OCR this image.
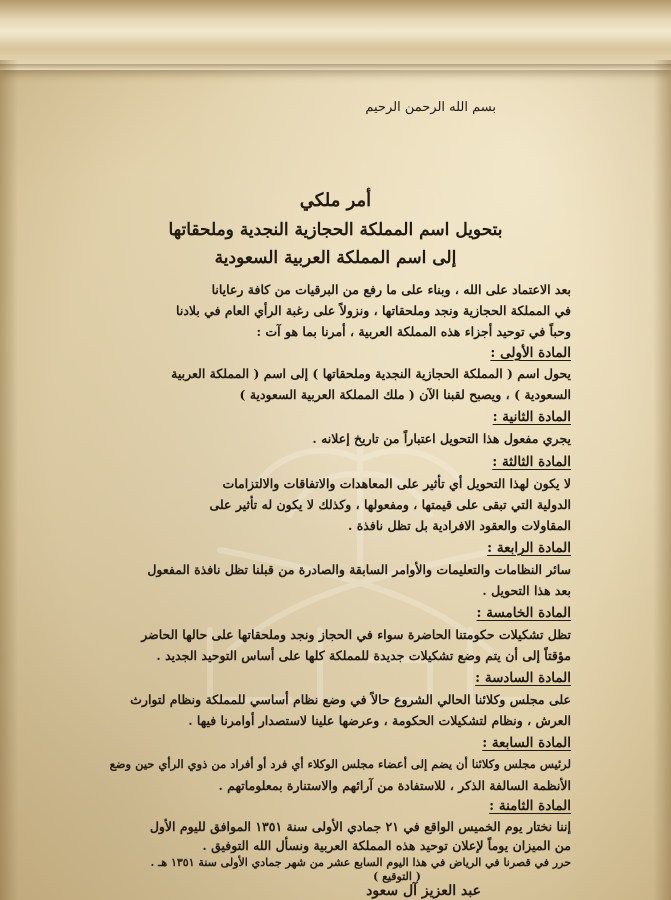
بسم الله الرحمن الرحيم
أمر ملكي
بتحويل اسم المملكة الحجازية النجدية وملحقاتها
إلى اسم المملكة العربية السعودية
بعد الاعتماد على الله ، وبناء على ما رفع من البرقيات من كافة رعايانا
في المملكة الحجازية ونجد وملحقاتها ، ونزولاً على رغبة الرأي العام في بلادنا
وحباً في توحيد أجزاء هذه المملكة العربية ، أمرنا بما هو آت :
المادة الأولى :
يحول اسم ( المملكة الحجازية النجدية وملحقاتها ) إلى اسم ( المملكة العربية
السعودية ) ، ويصبح لقبنا الآن ( ملك المملكة العربية السعودية )
المادة الثانية :
يجري مفعول هذا التحويل اعتباراً من تاريخ إعلانه .
المادة الثالثة :
لا يكون لهذا التحويل أي تأثير على المعاهدات والاتفاقات والالتزامات
الدولية التي تبقى على قيمتها ، ومفعولها ، وكذلك لا يكون له تأثير على
المقاولات والعقود الافرادية بل تظل نافذة .
المادة الرابعة :
سائر النظامات والتعليمات والأوامر السابقة والصادرة من قبلنا تظل نافذة المفعول
بعد هذا التحويل .
المادة الخامسة :
تظل تشكيلات حكومتنا الحاضرة سواء في الحجاز ونجد وملحقاتها على حالها الحاضر
مؤقتاً إلى أن يتم وضع تشكيلات جديدة للمملكة كلها على أساس التوحيد الجديد .
المادة السادسة :
على مجلس وكلائنا الحالي الشروع حالاً في وضع نظام أساسي للمملكة ونظام لتوارث
العرش ، ونظام لتشكيلات الحكومة ، وعرضها علينا لاستصدار أوامرنا فيها .
المادة السابعة :
لرئيس مجلس وكلائنا أن يضم إلى أعضاء مجلس الوكلاء أي فرد أو أفراد من ذوي الرأي حين وضع
الأنظمة السالفة الذكر ، للاستفادة من آرائهم والاستنارة بمعلوماتهم .
المادة الثامنة :
إننا نختار يوم الخميس الواقع في ٢١ جمادي الأولى سنة ١٣٥١ الموافق لليوم الأول
من الميزان يوماً لإعلان توحيد هذه المملكة العربية ونسأل الله التوفيق .
حرر في قصرنا في الرياض في هذا اليوم السابع عشر من شهر جمادي الأولى سنة ١٣٥١ هـ .
( التوقيع )
عبد العزيز آل سعود
